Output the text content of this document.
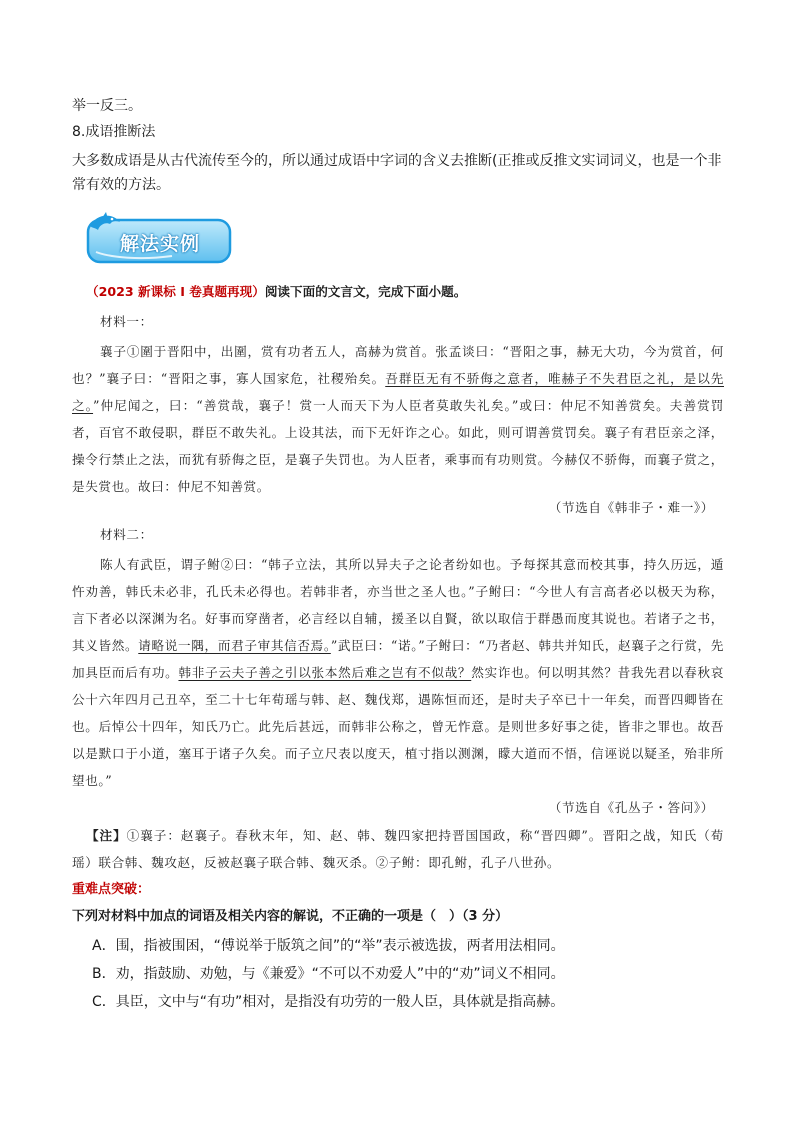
举一反三。
8.成语推断法
大多数成语是从古代流传至今的，所以通过成语中字词的含义去推断(正推或反推文实词词义，也是一个非常有效的方法。
解法实例
（2023 新课标 I 卷真题再现）阅读下面的文言文，完成下面小题。
材料一：

襄子①圍于晋阳中，出圍，赏有功者五人，高赫为赏首。张孟谈曰：“晋阳之事，赫无大功，今为赏首，何也？”襄子曰：“晋阳之事，寡人国家危，社稷殆矣。吾群臣无有不骄侮之意者，唯赫子不失君臣之礼，是以先之。”仲尼闻之，曰：“善赏哉，襄子！赏一人而天下为人臣者莫敢失礼矣。”或曰：仲尼不知善赏矣。夫善赏罚者，百官不敢侵职，群臣不敢失礼。上设其法，而下无奸诈之心。如此，则可谓善赏罚矣。襄子有君臣亲之泽，操令行禁止之法，而犹有骄侮之臣，是襄子失罚也。为人臣者，乘事而有功则赏。今赫仅不骄侮，而襄子赏之，是失赏也。故曰：仲尼不知善赏。

（节选自《韩非子・难一》）
材料二：

陈人有武臣，谓子鲋②曰：“韩子立法，其所以异夫子之论者纷如也。予每探其意而校其事，持久历远，遁忤劝善，韩氏未必非，孔氏未必得也。若韩非者，亦当世之圣人也。”子鲋曰：“今世人有言高者必以极天为称，言下者必以深渊为名。好事而穿凿者，必言经以自辅，援圣以自賢，欲以取信于群愚而度其说也。若诸子之书，其义皆然。请略说一隅，而君子审其信否焉。”武臣曰：“诺。”子鲋曰：“乃者赵、韩共并知氏，赵襄子之行赏，先加具臣而后有功。韩非子云夫子善之引以张本然后难之岂有不似哉？然实诈也。何以明其然？昔我先君以春秋哀公十六年四月己丑卒，至二十七年荀瑶与韩、赵、魏伐郑，遇陈恒而还，是时夫子卒已十一年矣，而晋四卿皆在也。后悼公十四年，知氏乃亡。此先后甚远，而韩非公称之，曾无怍意。是则世多好事之徒，皆非之罪也。故吾以是默口于小道，塞耳于诸子久矣。而子立尺表以度天，植寸指以测渊，矇大道而不悟，信诬说以疑圣，殆非所望也。”

（节选自《孔丛子・答问》）

【注】①襄子：赵襄子。春秋末年，知、赵、韩、魏四家把持晋国国政，称“晋四卿”。晋阳之战，知氏（荀瑶）联合韩、魏攻赵，反被赵襄子联合韩、魏灭杀。②子鲋：即孔鲋，孔子八世孙。

重难点突破：
下列对材料中加点的词语及相关内容的解说，不正确的一项是（　）（3 分）
A．围，指被围困，“傅说举于版筑之间”的“举”表示被选拔，两者用法相同。
B．劝，指鼓励、劝勉，与《兼爱》“不可以不劝爱人”中的“劝”词义不相同。
C．具臣，文中与“有功”相对，是指没有功劳的一般人臣，具体就是指高赫。
